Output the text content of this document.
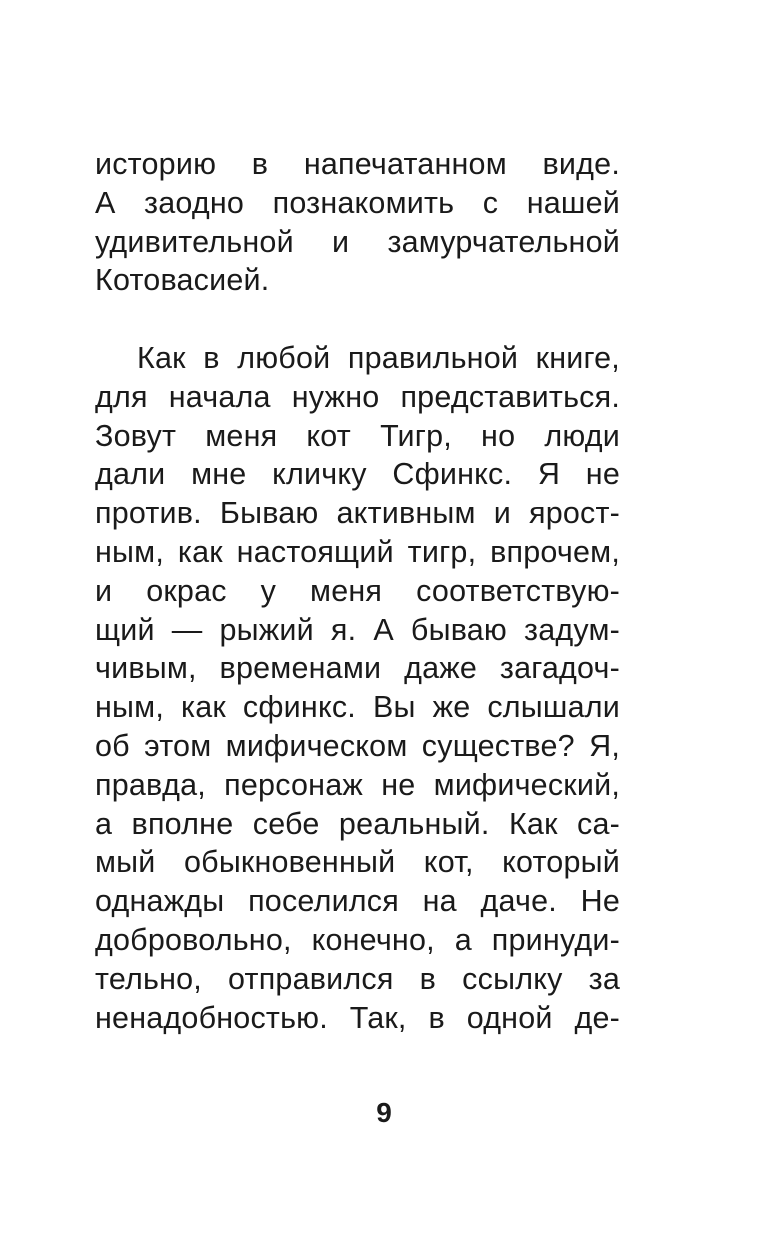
историю в напечатанном виде.
А заодно познакомить с нашей
удивительной и замурчательной
Котовасией.

Как в любой правильной книге,
для начала нужно представиться.
Зовут меня кот Тигр, но люди
дали мне кличку Сфинкс. Я не
против. Бываю активным и ярост-
ным, как настоящий тигр, впрочем,
и окрас у меня соответствую-
щий — рыжий я. А бываю задум-
чивым, временами даже загадоч-
ным, как сфинкс. Вы же слышали
об этом мифическом существе? Я,
правда, персонаж не мифический,
а вполне себе реальный. Как са-
мый обыкновенный кот, который
однажды поселился на даче. Не
добровольно, конечно, а принуди-
тельно, отправился в ссылку за
ненадобностью. Так, в одной де-

9
